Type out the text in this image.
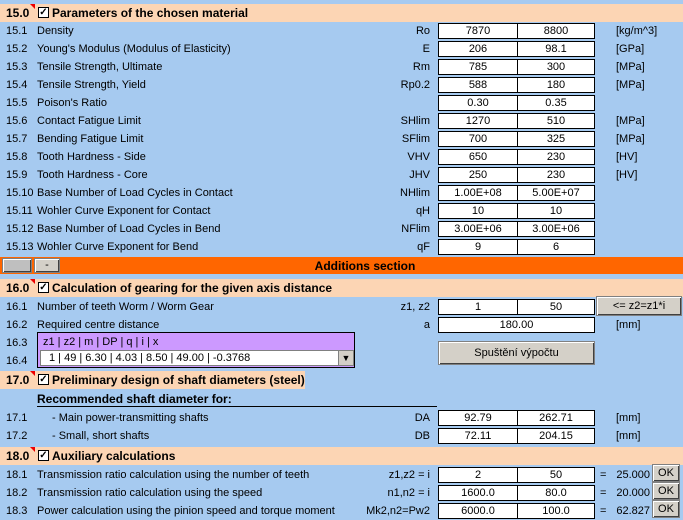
15.0 ✓ Parameters of the chosen material
15.1 Density	Ro	7870	8800	[kg/m^3]
15.2 Young's Modulus (Modulus of Elasticity)	E	206	98.1	[GPa]
15.3 Tensile Strength, Ultimate	Rm	785	300	[MPa]
15.4 Tensile Strength, Yield	Rp0.2	588	180	[MPa]
15.5 Poison's Ratio	0.30	0.35
15.6 Contact Fatigue Limit	SHlim	1270	510	[MPa]
15.7 Bending Fatigue Limit	SFlim	700	325	[MPa]
15.8 Tooth Hardness - Side	VHV	650	230	[HV]
15.9 Tooth Hardness - Core	JHV	250	230	[HV]
15.10 Base Number of Load Cycles in Contact	NHlim	1.00E+08	5.00E+07
15.11 Wohler Curve Exponent for Contact	qH	10	10
15.12 Base Number of Load Cycles in Bend	NFlim	3.00E+06	3.00E+06
15.13 Wohler Curve Exponent for Bend	qF	9	6
-	Additions section
16.0 ✓ Calculation of gearing for the given axis distance
16.1 Number of teeth Worm / Worm Gear	z1, z2	1	50	<= z2=z1*i
16.2 Required centre distance	a	180.00	[mm]
16.3
16.4
z1 | z2 | m | DP | q | i | x
1 | 49 | 6.30 | 4.03 | 8.50 | 49.00 | -0.3768	▼	Spuštění výpočtu
17.0 ✓ Preliminary design of shaft diameters (steel)
Recommended shaft diameter for:
17.1 - Main power-transmitting shafts	DA	92.79	262.71	[mm]
17.2 - Small, short shafts	DB	72.11	204.15	[mm]
18.0 ✓ Auxiliary calculations
18.1 Transmission ratio calculation using the number of teeth	z1,z2 = i	2	50	= 25.000 OK
18.2 Transmission ratio calculation using the speed	n1,n2 = i	1600.0	80.0	= 20.000 OK
18.3 Power calculation using the pinion speed and torque moment	Mk2,n2=Pw2	6000.0	100.0	= 62.827 OK
